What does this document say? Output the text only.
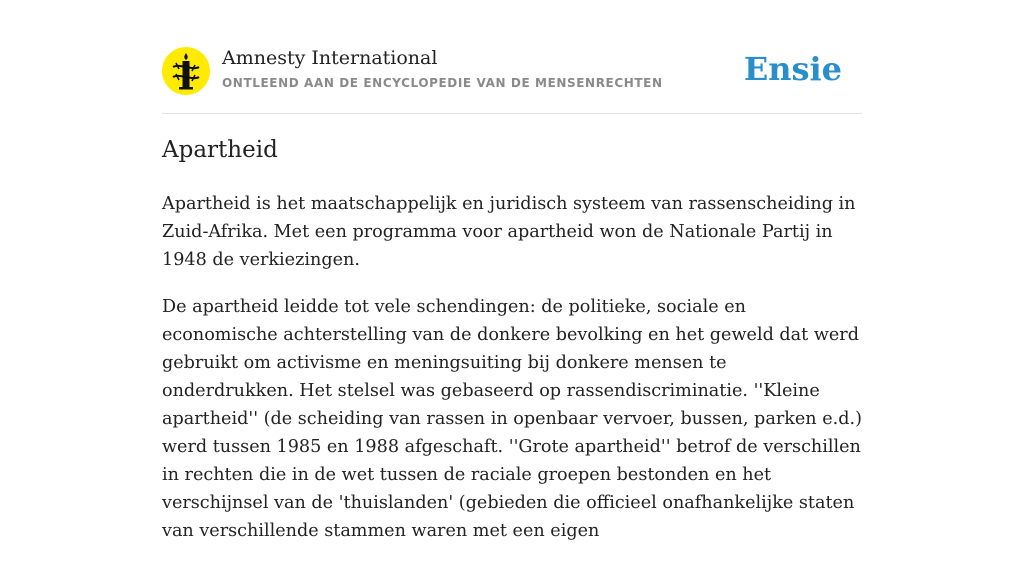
Amnesty International
ONTLEEND AAN DE ENCYCLOPEDIE VAN DE MENSENRECHTEN	Ensie
Apartheid

Apartheid is het maatschappelijk en juridisch systeem van rassenscheiding in Zuid-Afrika. Met een programma voor apartheid won de Nationale Partij in 1948 de verkiezingen.

De apartheid leidde tot vele schendingen: de politieke, sociale en economische achterstelling van de donkere bevolking en het geweld dat werd gebruikt om activisme en meningsuiting bij donkere mensen te onderdrukken. Het stelsel was gebaseerd op rassendiscriminatie. ''Kleine apartheid'' (de scheiding van rassen in openbaar vervoer, bussen, parken e.d.) werd tussen 1985 en 1988 afgeschaft. ''Grote apartheid'' betrof de verschillen in rechten die in de wet tussen de raciale groepen bestonden en het verschijnsel van de 'thuislanden' (gebieden die officieel onafhankelijke staten van verschillende stammen waren met een eigen
